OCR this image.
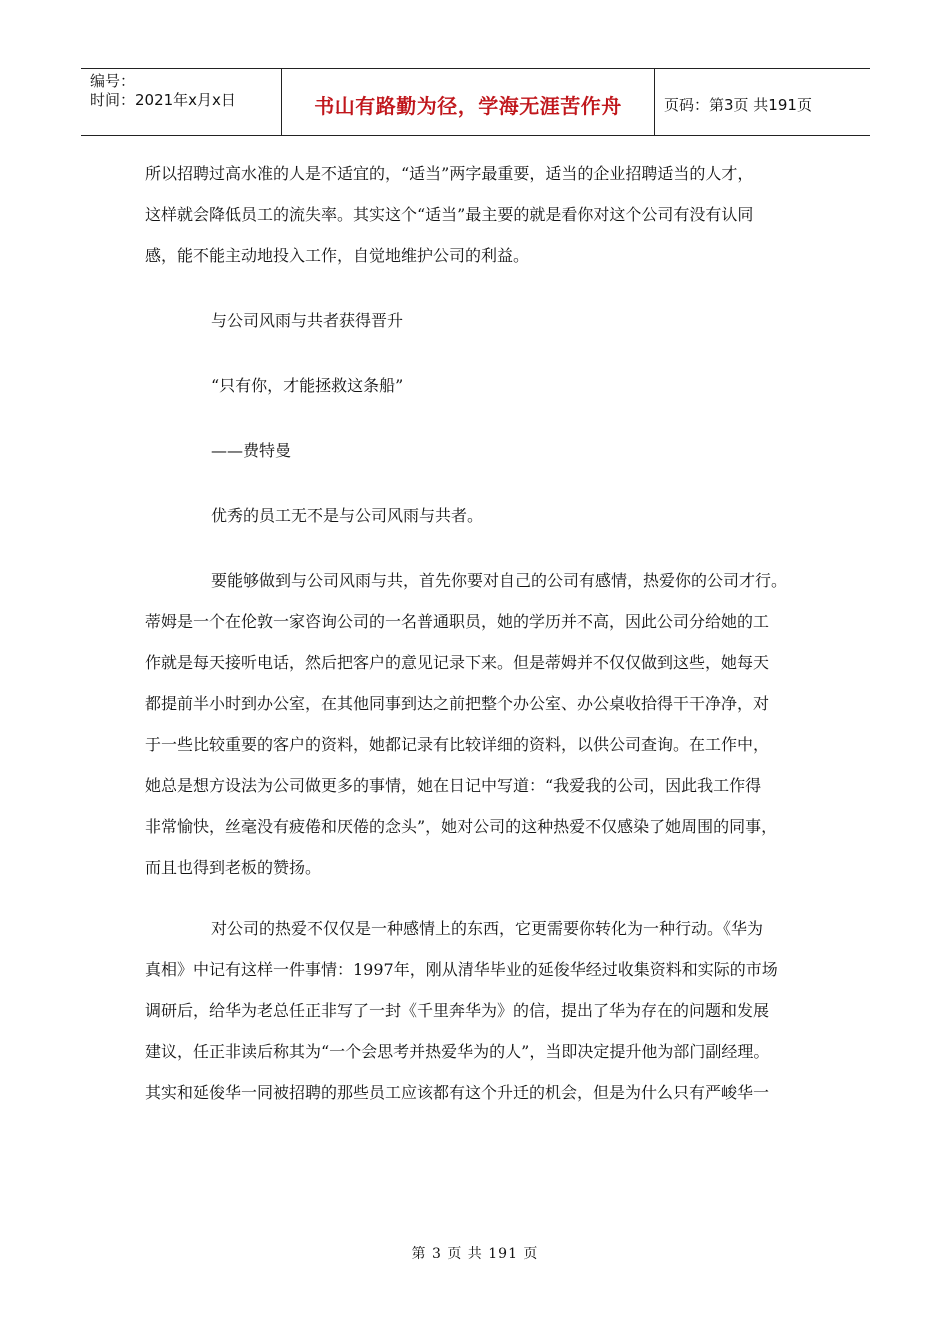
编号：
时间：2021年x月x日	书山有路勤为径，学海无涯苦作舟	页码：第3页 共191页
所以招聘过高水准的人是不适宜的，“适当”两字最重要，适当的企业招聘适当的人才，
这样就会降低员工的流失率。其实这个“适当”最主要的就是看你对这个公司有没有认同
感，能不能主动地投入工作，自觉地维护公司的利益。
与公司风雨与共者获得晋升
“只有你，才能拯救这条船”
——费特曼
优秀的员工无不是与公司风雨与共者。
要能够做到与公司风雨与共，首先你要对自己的公司有感情，热爱你的公司才行。
蒂姆是一个在伦敦一家咨询公司的一名普通职员，她的学历并不高，因此公司分给她的工
作就是每天接听电话，然后把客户的意见记录下来。但是蒂姆并不仅仅做到这些，她每天
都提前半小时到办公室，在其他同事到达之前把整个办公室、办公桌收拾得干干净净，对
于一些比较重要的客户的资料，她都记录有比较详细的资料，以供公司查询。在工作中，
她总是想方设法为公司做更多的事情，她在日记中写道：“我爱我的公司，因此我工作得
非常愉快，丝毫没有疲倦和厌倦的念头”，她对公司的这种热爱不仅感染了她周围的同事，
而且也得到老板的赞扬。
对公司的热爱不仅仅是一种感情上的东西，它更需要你转化为一种行动。《华为
真相》中记有这样一件事情：1997年，刚从清华毕业的延俊华经过收集资料和实际的市场
调研后，给华为老总任正非写了一封《千里奔华为》的信，提出了华为存在的问题和发展
建议，任正非读后称其为“一个会思考并热爱华为的人”，当即决定提升他为部门副经理。
其实和延俊华一同被招聘的那些员工应该都有这个升迁的机会，但是为什么只有严峻华一
第 3 页 共 191 页
